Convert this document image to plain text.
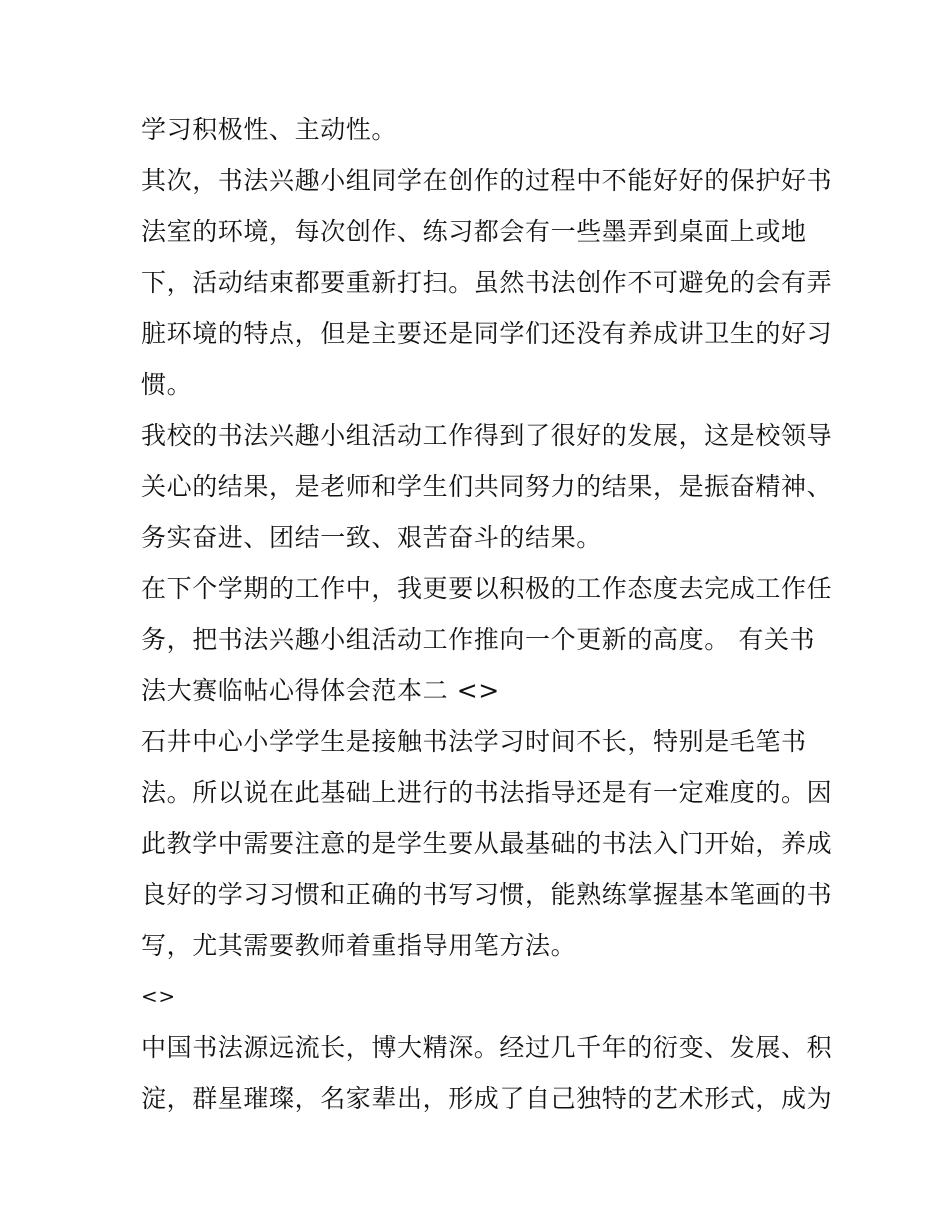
学习积极性、主动性。
其次，书法兴趣小组同学在创作的过程中不能好好的保护好书
法室的环境，每次创作、练习都会有一些墨弄到桌面上或地
下，活动结束都要重新打扫。虽然书法创作不可避免的会有弄
脏环境的特点，但是主要还是同学们还没有养成讲卫生的好习
惯。
我校的书法兴趣小组活动工作得到了很好的发展，这是校领导
关心的结果，是老师和学生们共同努力的结果，是振奋精神、
务实奋进、团结一致、艰苦奋斗的结果。
在下个学期的工作中，我更要以积极的工作态度去完成工作任
务，把书法兴趣小组活动工作推向一个更新的高度。 有关书
法大赛临帖心得体会范本二 <>
石井中心小学学生是接触书法学习时间不长，特别是毛笔书
法。所以说在此基础上进行的书法指导还是有一定难度的。因
此教学中需要注意的是学生要从最基础的书法入门开始，养成
良好的学习习惯和正确的书写习惯，能熟练掌握基本笔画的书
写，尤其需要教师着重指导用笔方法。
<>
中国书法源远流长，博大精深。经过几千年的衍变、发展、积
淀，群星璀璨，名家辈出，形成了自己独特的艺术形式，成为
